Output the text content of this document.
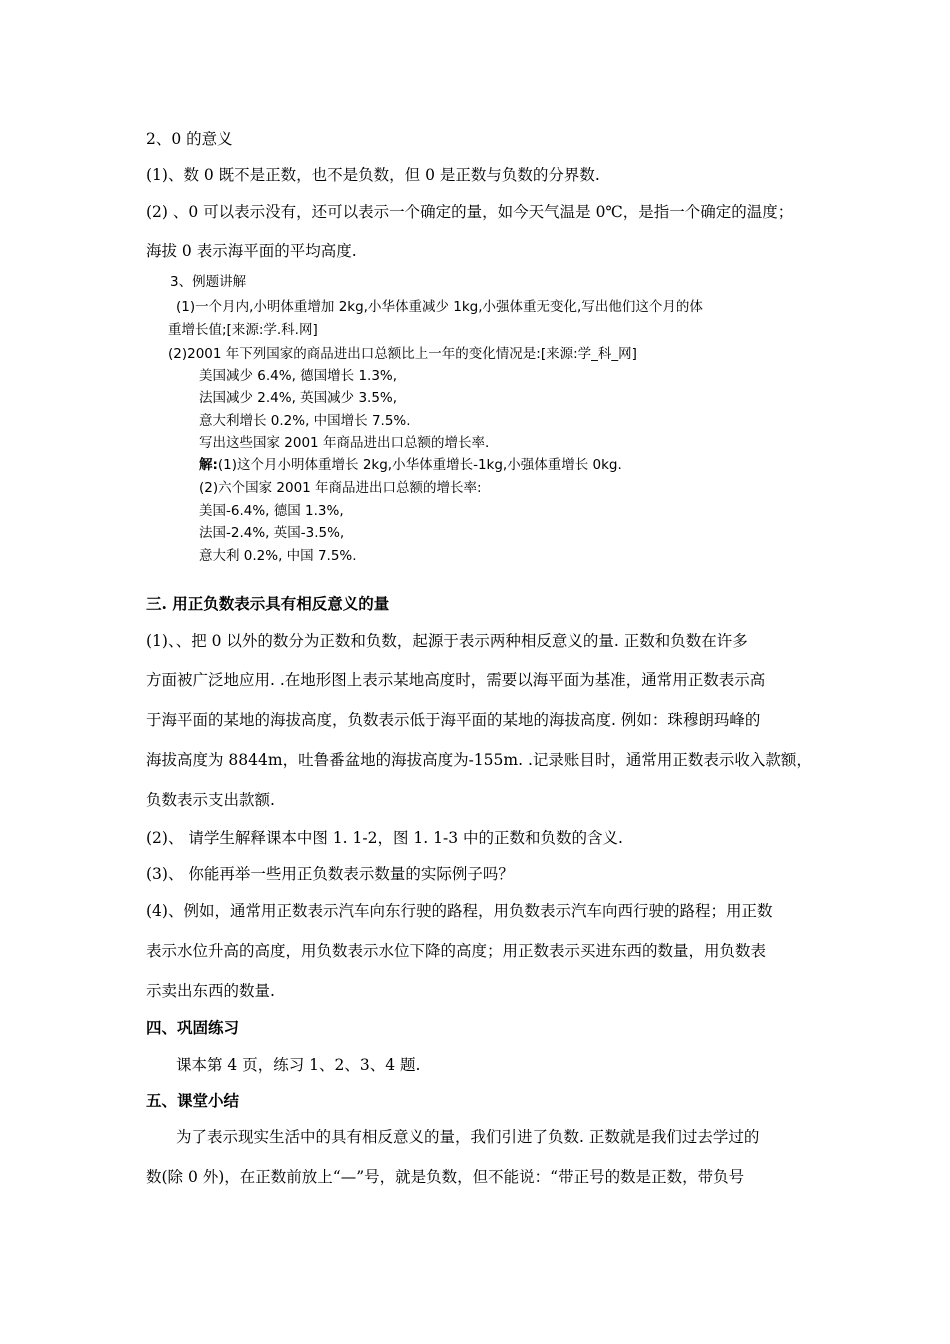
2、0 的意义
(1)、数 0 既不是正数，也不是负数，但 0 是正数与负数的分界数.
(2) 、0 可以表示没有，还可以表示一个确定的量，如今天气温是 0℃，是指一个确定的温度；
海拔 0 表示海平面的平均高度.
3、例题讲解
(1)一个月内,小明体重增加 2kg,小华体重减少 1kg,小强体重无变化,写出他们这个月的体
重增长值;[来源:学.科.网]
(2)2001 年下列国家的商品进出口总额比上一年的变化情况是:[来源:学_科_网]
美国减少 6.4%, 德国增长 1.3%,
法国减少 2.4%, 英国减少 3.5%,
意大利增长 0.2%, 中国增长 7.5%.
写出这些国家 2001 年商品进出口总额的增长率.
解:(1)这个月小明体重增长 2kg,小华体重增长-1kg,小强体重增长 0kg.
(2)六个国家 2001 年商品进出口总额的增长率:
美国-6.4%, 德国 1.3%,
法国-2.4%, 英国-3.5%,
意大利 0.2%, 中国 7.5%.
三. 用正负数表示具有相反意义的量
(1)、、把 0 以外的数分为正数和负数，起源于表示两种相反意义的量. 正数和负数在许多
方面被广泛地应用. .在地形图上表示某地高度时，需要以海平面为基准，通常用正数表示高
于海平面的某地的海拔高度，负数表示低于海平面的某地的海拔高度. 例如：珠穆朗玛峰的
海拔高度为 8844m，吐鲁番盆地的海拔高度为-155m. .记录账目时，通常用正数表示收入款额，
负数表示支出款额.
(2)、 请学生解释课本中图 1. 1-2，图 1. 1-3 中的正数和负数的含义.
(3)、 你能再举一些用正负数表示数量的实际例子吗？
(4)、例如，通常用正数表示汽车向东行驶的路程，用负数表示汽车向西行驶的路程；用正数
表示水位升高的高度，用负数表示水位下降的高度；用正数表示买进东西的数量，用负数表
示卖出东西的数量.
四、巩固练习
课本第 4 页，练习 1、2、3、4 题.
五、课堂小结
为了表示现实生活中的具有相反意义的量，我们引进了负数. 正数就是我们过去学过的
数(除 0 外)，在正数前放上“—”号，就是负数，但不能说：“带正号的数是正数，带负号
